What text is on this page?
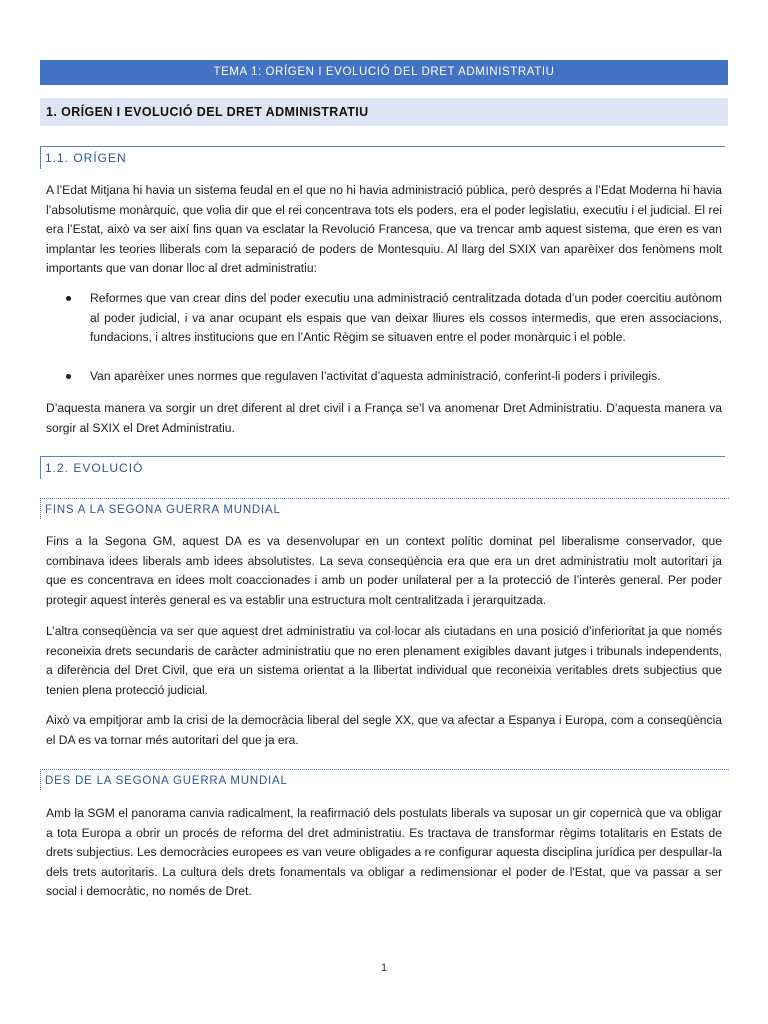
TEMA 1: ORÍGEN I EVOLUCIÓ DEL DRET ADMINISTRATIU
1. ORÍGEN I EVOLUCIÓ DEL DRET ADMINISTRATIU
1.1. ORÍGEN

A l’Edat Mitjana hi havia un sistema feudal en el que no hi havia administració pública, però després a l’Edat Moderna hi havia l’absolutisme monàrquic, que volia dir que el rei concentrava tots els poders, era el poder legislatiu, executiu i el judicial. El rei era l’Estat, això va ser així fins quan va esclatar la Revolució Francesa, que va trencar amb aquest sistema, que eren es van implantar les teories lliberals com la separació de poders de Montesquiu. Al llarg del SXIX van aparèixer dos fenòmens molt importants que van donar lloc al dret administratiu:

Reformes que van crear dins del poder executiu una administració centralitzada dotada d’un poder coercitiu autònom al poder judicial, i va anar ocupant els espais que van deixar lliures els cossos intermedis, que eren associacions, fundacions, i altres institucions que en l’Antic Règim se situaven entre el poder monàrquic i el poble.
Van aparèixer unes normes que regulaven l’activitat d’aquesta administració, conferint-li poders i privilegis.

D’aquesta manera va sorgir un dret diferent al dret civil i a França se’l va anomenar Dret Administratiu. D’aquesta manera va sorgir al SXIX el Dret Administratiu.

1.2. EVOLUCIÓ
FINS A LA SEGONA GUERRA MUNDIAL

Fins a la Segona GM, aquest DA es va desenvolupar en un context polític dominat pel liberalisme conservador, que combinava idees liberals amb idees absolutistes. La seva conseqüència era que era un dret administratiu molt autoritari ja que es concentrava en idees molt coaccionades i amb un poder unilateral per a la protecció de l’interès general. Per poder protegir aquest interès general es va establir una estructura molt centralitzada i jerarquitzada.

L’altra conseqüència va ser que aquest dret administratiu va col·locar als ciutadans en una posició d’inferioritat ja que només reconeixia drets secundaris de caràcter administratiu que no eren plenament exigibles davant jutges i tribunals independents, a diferència del Dret Civil, que era un sistema orientat a la llibertat individual que reconeixia veritables drets subjectius que tenien plena protecció judicial.

Això va empitjorar amb la crisi de la democràcia liberal del segle XX, que va afectar a Espanya i Europa, com a conseqüència el DA es va tornar més autoritari del que ja era.

DES DE LA SEGONA GUERRA MUNDIAL

Amb la SGM el panorama canvia radicalment, la reafirmació dels postulats liberals va suposar un gir copernicà que va obligar a tota Europa a obrir un procés de reforma del dret administratiu. Es tractava de transformar règims totalitaris en Estats de drets subjectius. Les democràcies europees es van veure obligades a re configurar aquesta disciplina jurídica per despullar-la dels trets autoritaris. La cultura dels drets fonamentals va obligar a redimensionar el poder de l'Estat, que va passar a ser social i democràtic, no només de Dret.

1
